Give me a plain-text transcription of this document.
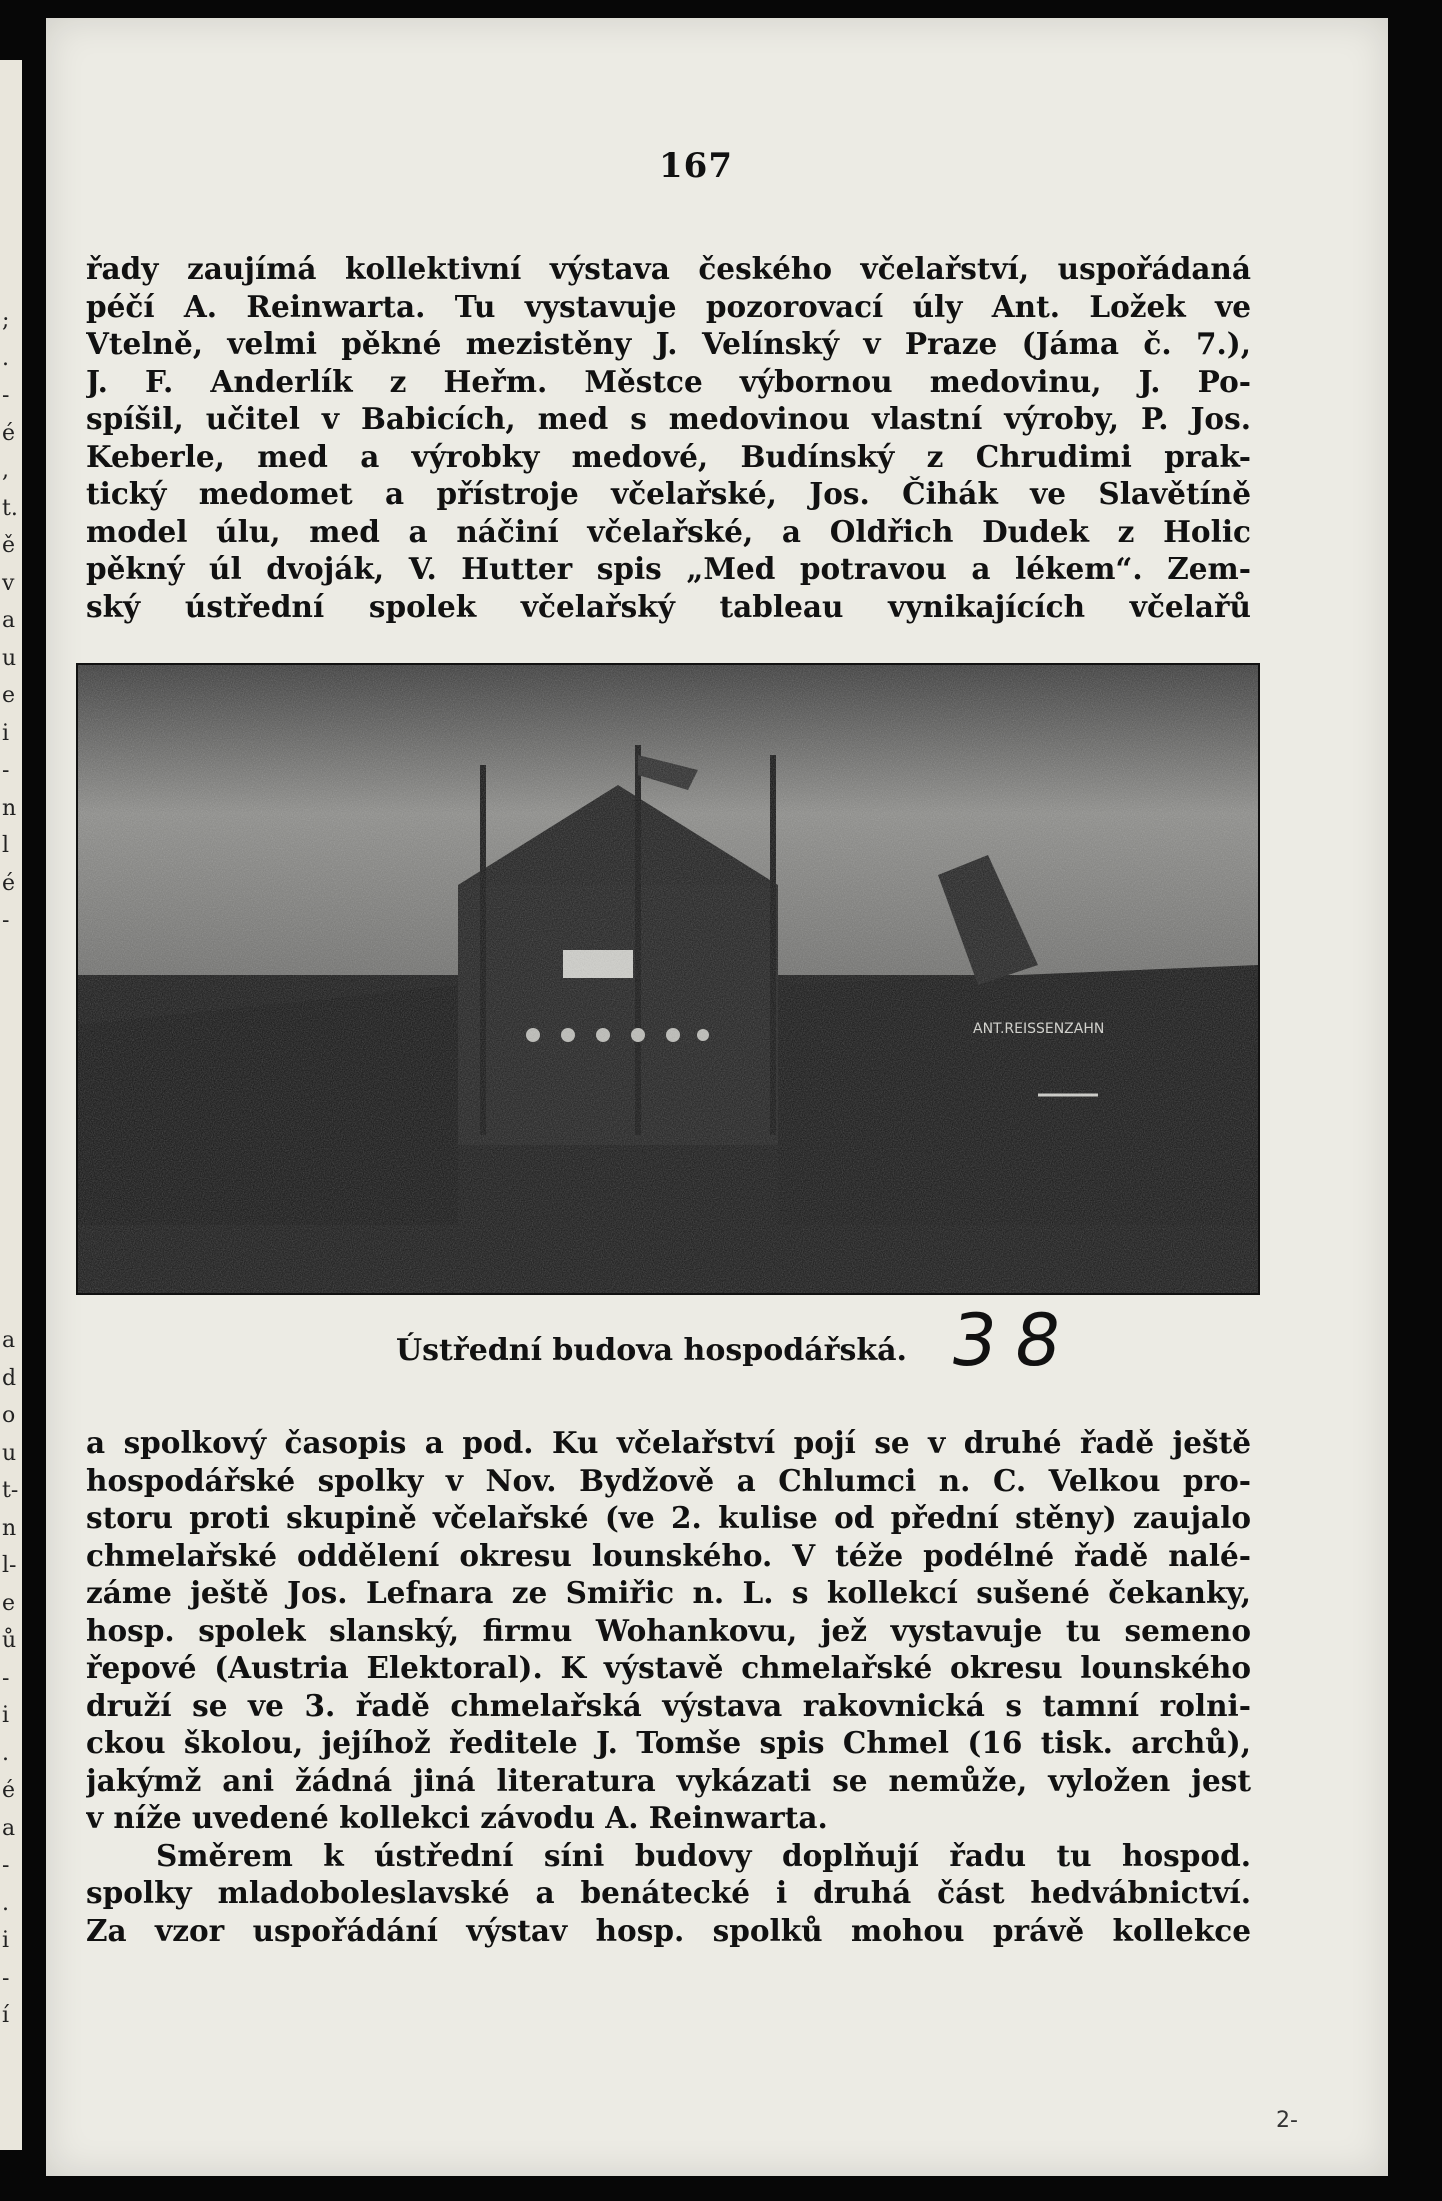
;
.
-
é
,
t.
ě
v
a
u
e
i
-
n
l
é
-
a
d
o
u
t-
n
l-
e
ů
-
i
.
é
a
-
.
i
-
í
167
řady zaujímá kollektivní výstava českého včelařství, uspořádaná
péčí A. Reinwarta. Tu vystavuje pozorovací úly Ant. Ložek ve
Vtelně, velmi pěkné mezistěny J. Velínský v Praze (Jáma č. 7.),
J. F. Anderlík z Heřm. Městce výbornou medovinu, J. Po-
spíšil, učitel v Babicích, med s medovinou vlastní výroby, P. Jos.
Keberle, med a výrobky medové, Budínský z Chrudimi prak-
tický medomet a přístroje včelařské, Jos. Čihák ve Slavětíně
model úlu, med a náčiní včelařské, a Oldřich Dudek z Holic
pěkný úl dvoják, V. Hutter spis „Med potravou a lékem“. Zem-
ský ústřední spolek včelařský tableau vynikajících včelařů
Ústřední budova hospodářská. 38
a spolkový časopis a pod. Ku včelařství pojí se v druhé řadě ještě
hospodářské spolky v Nov. Bydžově a Chlumci n. C. Velkou pro-
storu proti skupině včelařské (ve 2. kulise od přední stěny) zaujalo
chmelařské oddělení okresu lounského. V téže podélné řadě nalé-
záme ještě Jos. Lefnara ze Smiřic n. L. s kollekcí sušené čekanky,
hosp. spolek slanský, firmu Wohankovu, jež vystavuje tu semeno
řepové (Austria Elektoral). K výstavě chmelařské okresu lounského
druží se ve 3. řadě chmelařská výstava rakovnická s tamní rolni-
ckou školou, jejíhož ředitele J. Tomše spis Chmel (16 tisk. archů),
jakýmž ani žádná jiná literatura vykázati se nemůže, vyložen jest
v níže uvedené kollekci závodu A. Reinwarta.
Směrem k ústřední síni budovy doplňují řadu tu hospod.
spolky mladoboleslavské a benátecké i druhá část hedvábnictví.
Za vzor uspořádání výstav hosp. spolků mohou právě kollekce
2-
